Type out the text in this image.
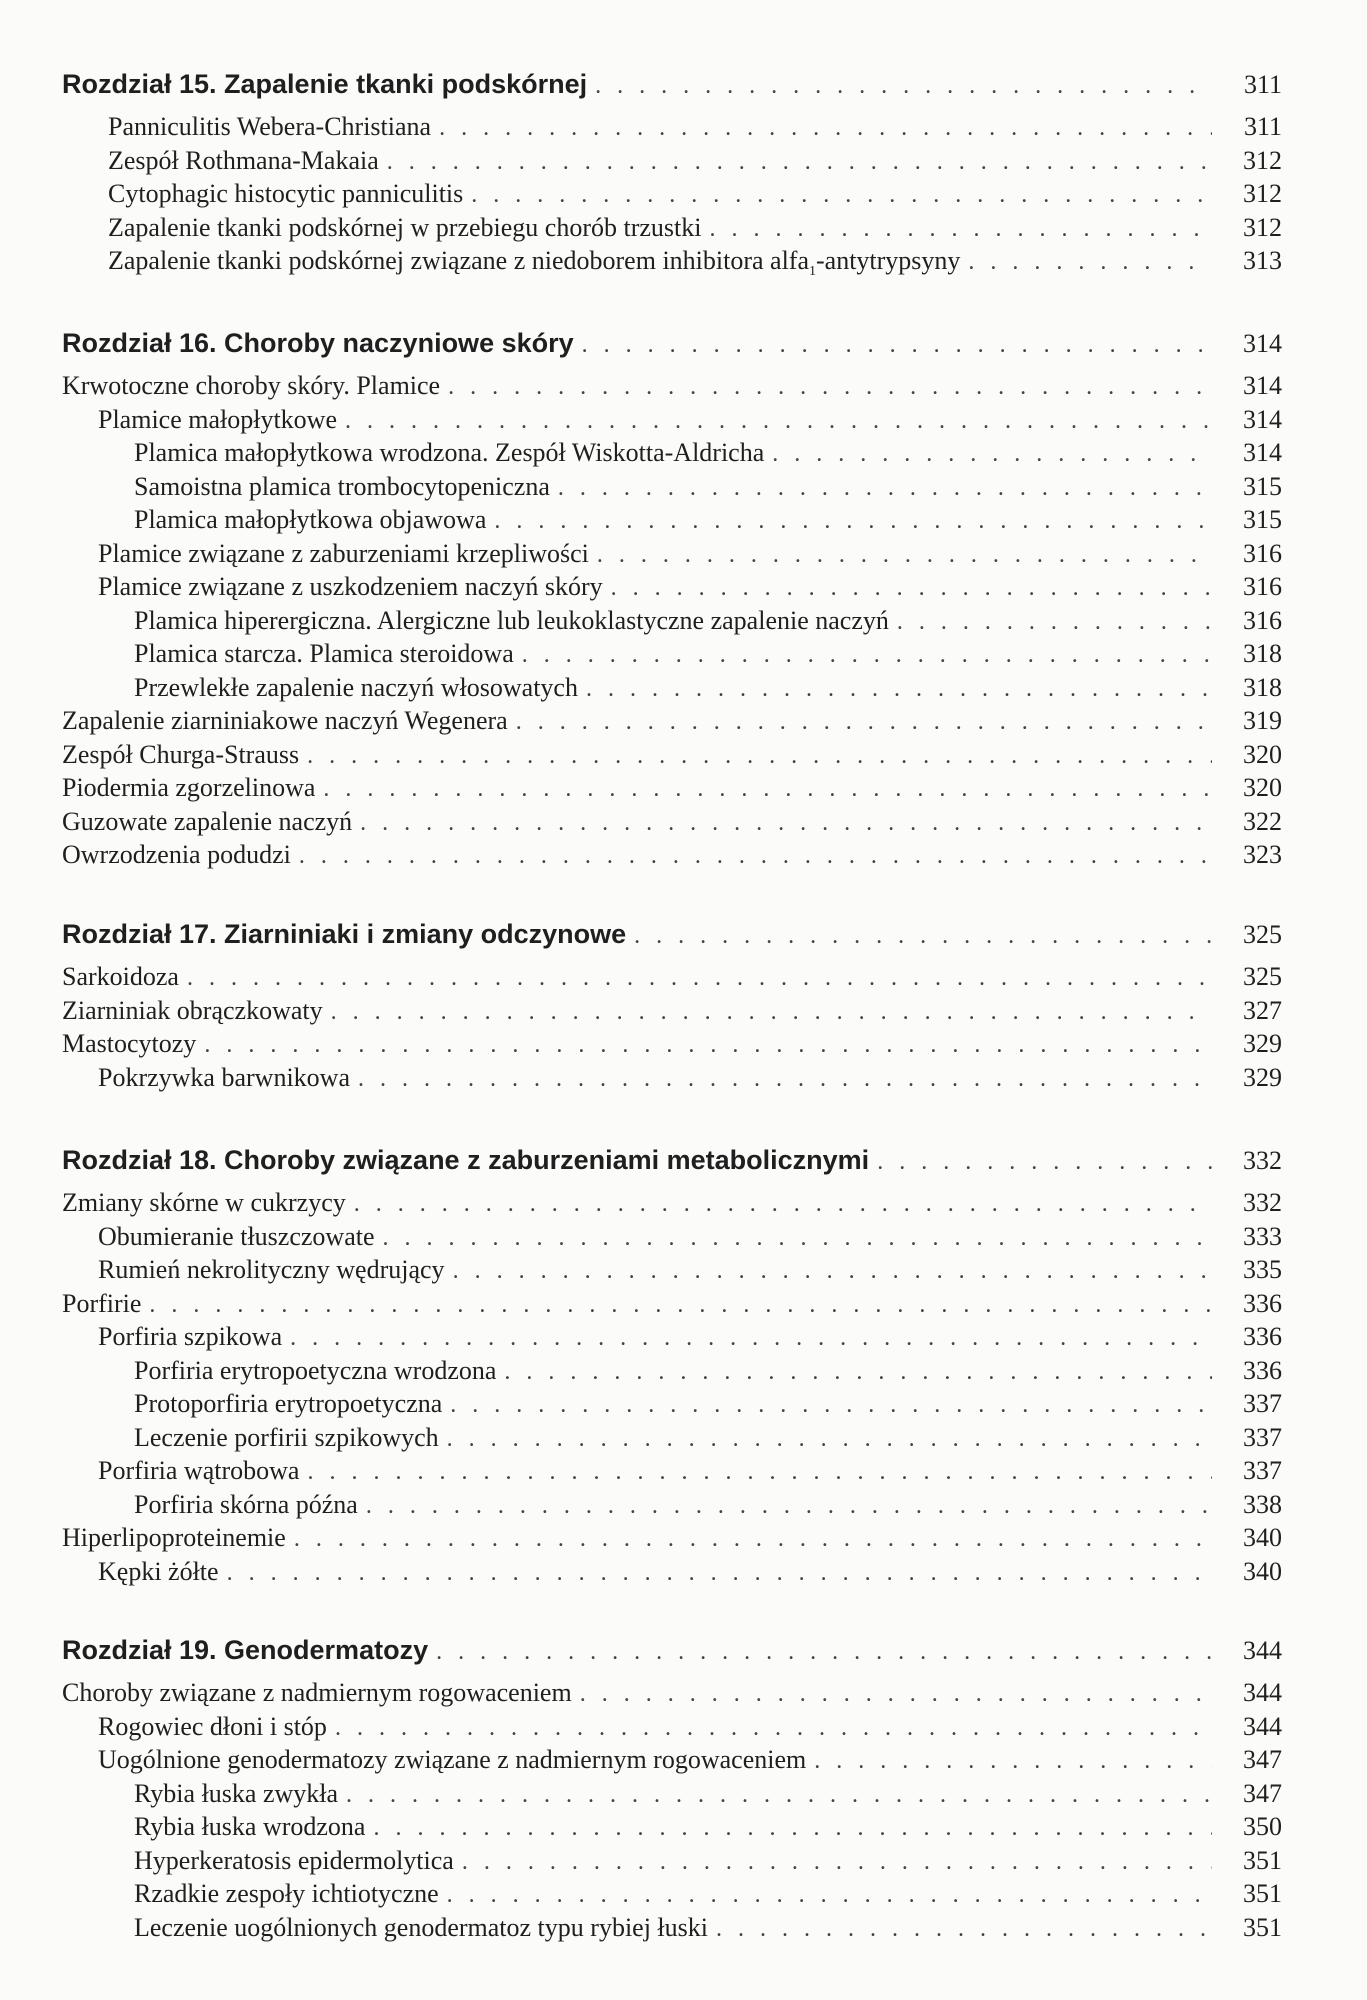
Rozdział 15. Zapalenie tkanki podskórnej . . .	311
Panniculitis Webera-Christiana . . .	311
Zespół Rothmana-Makaia . . .	312
Cytophagic histocytic panniculitis . . .	312
Zapalenie tkanki podskórnej w przebiegu chorób trzustki . . .	312
Zapalenie tkanki podskórnej związane z niedoborem inhibitora alfa$_1$-antytrypsyny . . .	313
Rozdział 16. Choroby naczyniowe skóry . . .	314
Krwotoczne choroby skóry. Plamice . . .	314
Plamice małopłytkowe . . .	314
Plamica małopłytkowa wrodzona. Zespół Wiskotta-Aldricha . . .	314
Samoistna plamica trombocytopeniczna . . .	315
Plamica małopłytkowa objawowa . . .	315
Plamice związane z zaburzeniami krzepliwości . . .	316
Plamice związane z uszkodzeniem naczyń skóry . . .	316
Plamica hiperergiczna. Alergiczne lub leukoklastyczne zapalenie naczyń . . .	316
Plamica starcza. Plamica steroidowa . . .	318
Przewlekłe zapalenie naczyń włosowatych . . .	318
Zapalenie ziarniniakowe naczyń Wegenera . . .	319
Zespół Churga-Strauss . . .	320
Piodermia zgorzelinowa . . .	320
Guzowate zapalenie naczyń . . .	322
Owrzodzenia podudzi . . .	323
Rozdział 17. Ziarniniaki i zmiany odczynowe . . .	325
Sarkoidoza . . .	325
Ziarniniak obrączkowaty . . .	327
Mastocytozy . . .	329
Pokrzywka barwnikowa . . .	329
Rozdział 18. Choroby związane z zaburzeniami metabolicznymi . . .	332
Zmiany skórne w cukrzycy . . .	332
Obumieranie tłuszczowate . . .	333
Rumień nekrolityczny wędrujący . . .	335
Porfirie . . .	336
Porfiria szpikowa . . .	336
Porfiria erytropoetyczna wrodzona . . .	336
Protoporfiria erytropoetyczna . . .	337
Leczenie porfirii szpikowych . . .	337
Porfiria wątrobowa . . .	337
Porfiria skórna późna . . .	338
Hiperlipoproteinemie . . .	340
Kępki żółte . . .	340
Rozdział 19. Genodermatozy . . .	344
Choroby związane z nadmiernym rogowaceniem . . .	344
Rogowiec dłoni i stóp . . .	344
Uogólnione genodermatozy związane z nadmiernym rogowaceniem . . .	347
Rybia łuska zwykła . . .	347
Rybia łuska wrodzona . . .	350
Hyperkeratosis epidermolytica . . .	351
Rzadkie zespoły ichtiotyczne . . .	351
Leczenie uogólnionych genodermatoz typu rybiej łuski . . .	351
